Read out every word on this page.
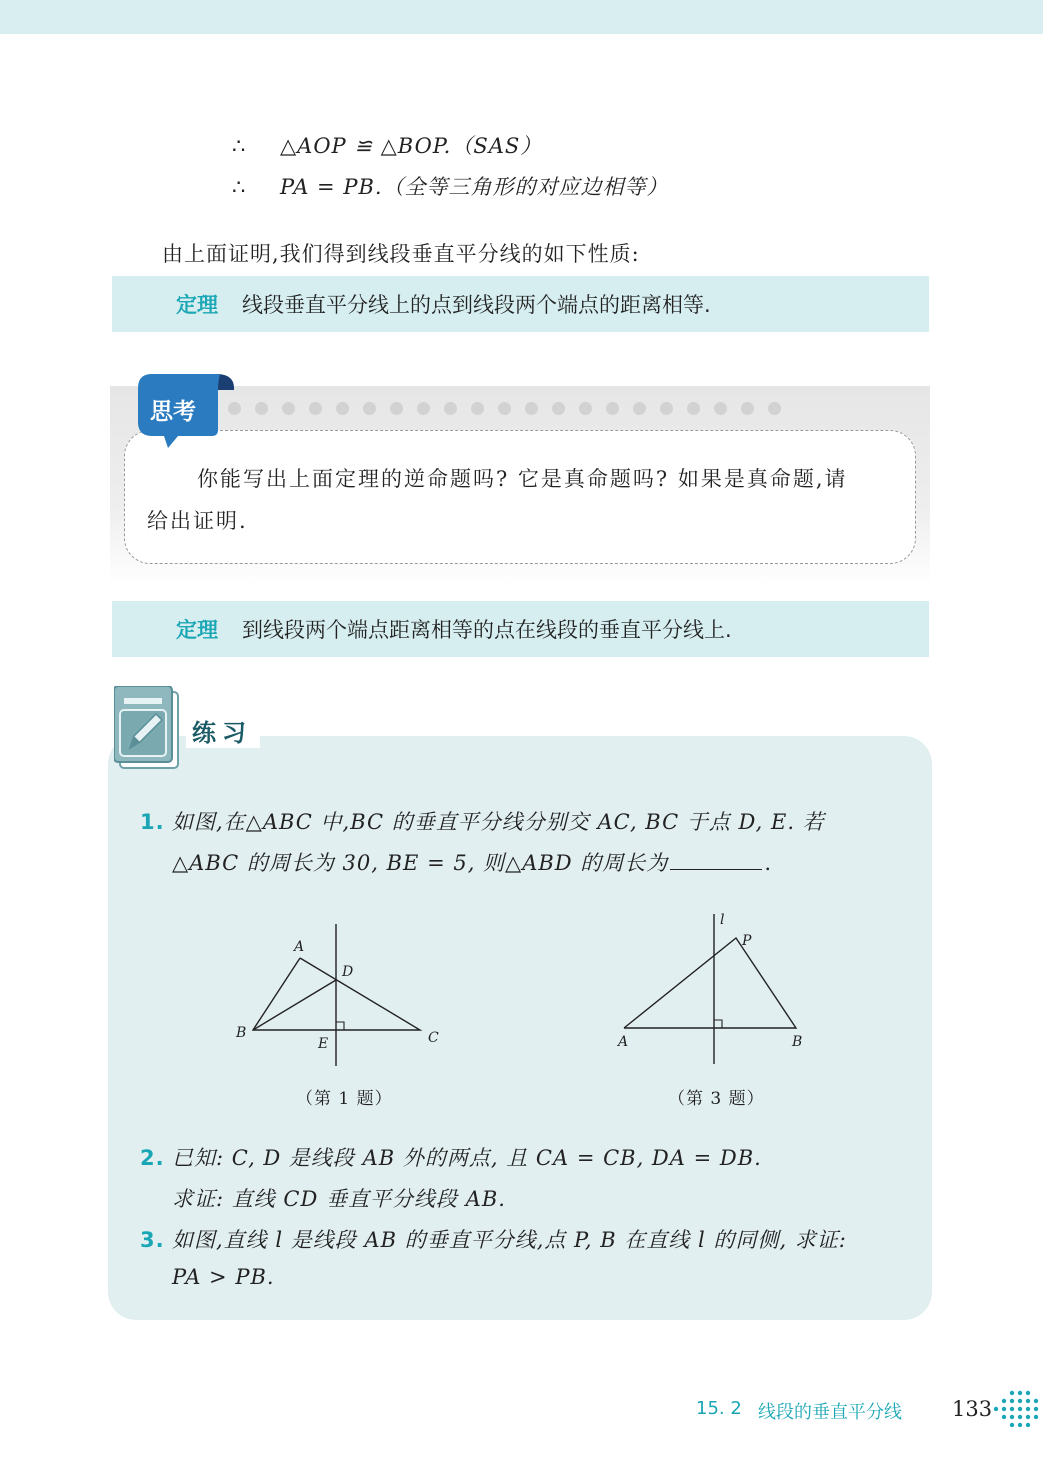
∴ △AOP ≌ △BOP.（SAS）
∴ PA = PB.（全等三角形的对应边相等）
由上面证明,我们得到线段垂直平分线的如下性质:
定理 线段垂直平分线上的点到线段两个端点的距离相等.
你能写出上面定理的逆命题吗? 它是真命题吗? 如果是真命题,请
给出证明.
思考
定理 到线段两个端点距离相等的点在线段的垂直平分线上.
练习
1. 如图,在△ABC 中,BC 的垂直平分线分别交 AC, BC 于点 D, E. 若
△ABC 的周长为 30, BE = 5, 则△ABD 的周长为	.
A
D
B
E	C
（第 1 题）
l
P
A	B
（第 3 题）
2. 已知: C, D 是线段 AB 外的两点, 且 CA = CB, DA = DB.
求证: 直线 CD 垂直平分线段 AB.
3. 如图,直线 l 是线段 AB 的垂直平分线,点 P, B 在直线 l 的同侧, 求证:
PA > PB.
15. 2 线段的垂直平分线 133
